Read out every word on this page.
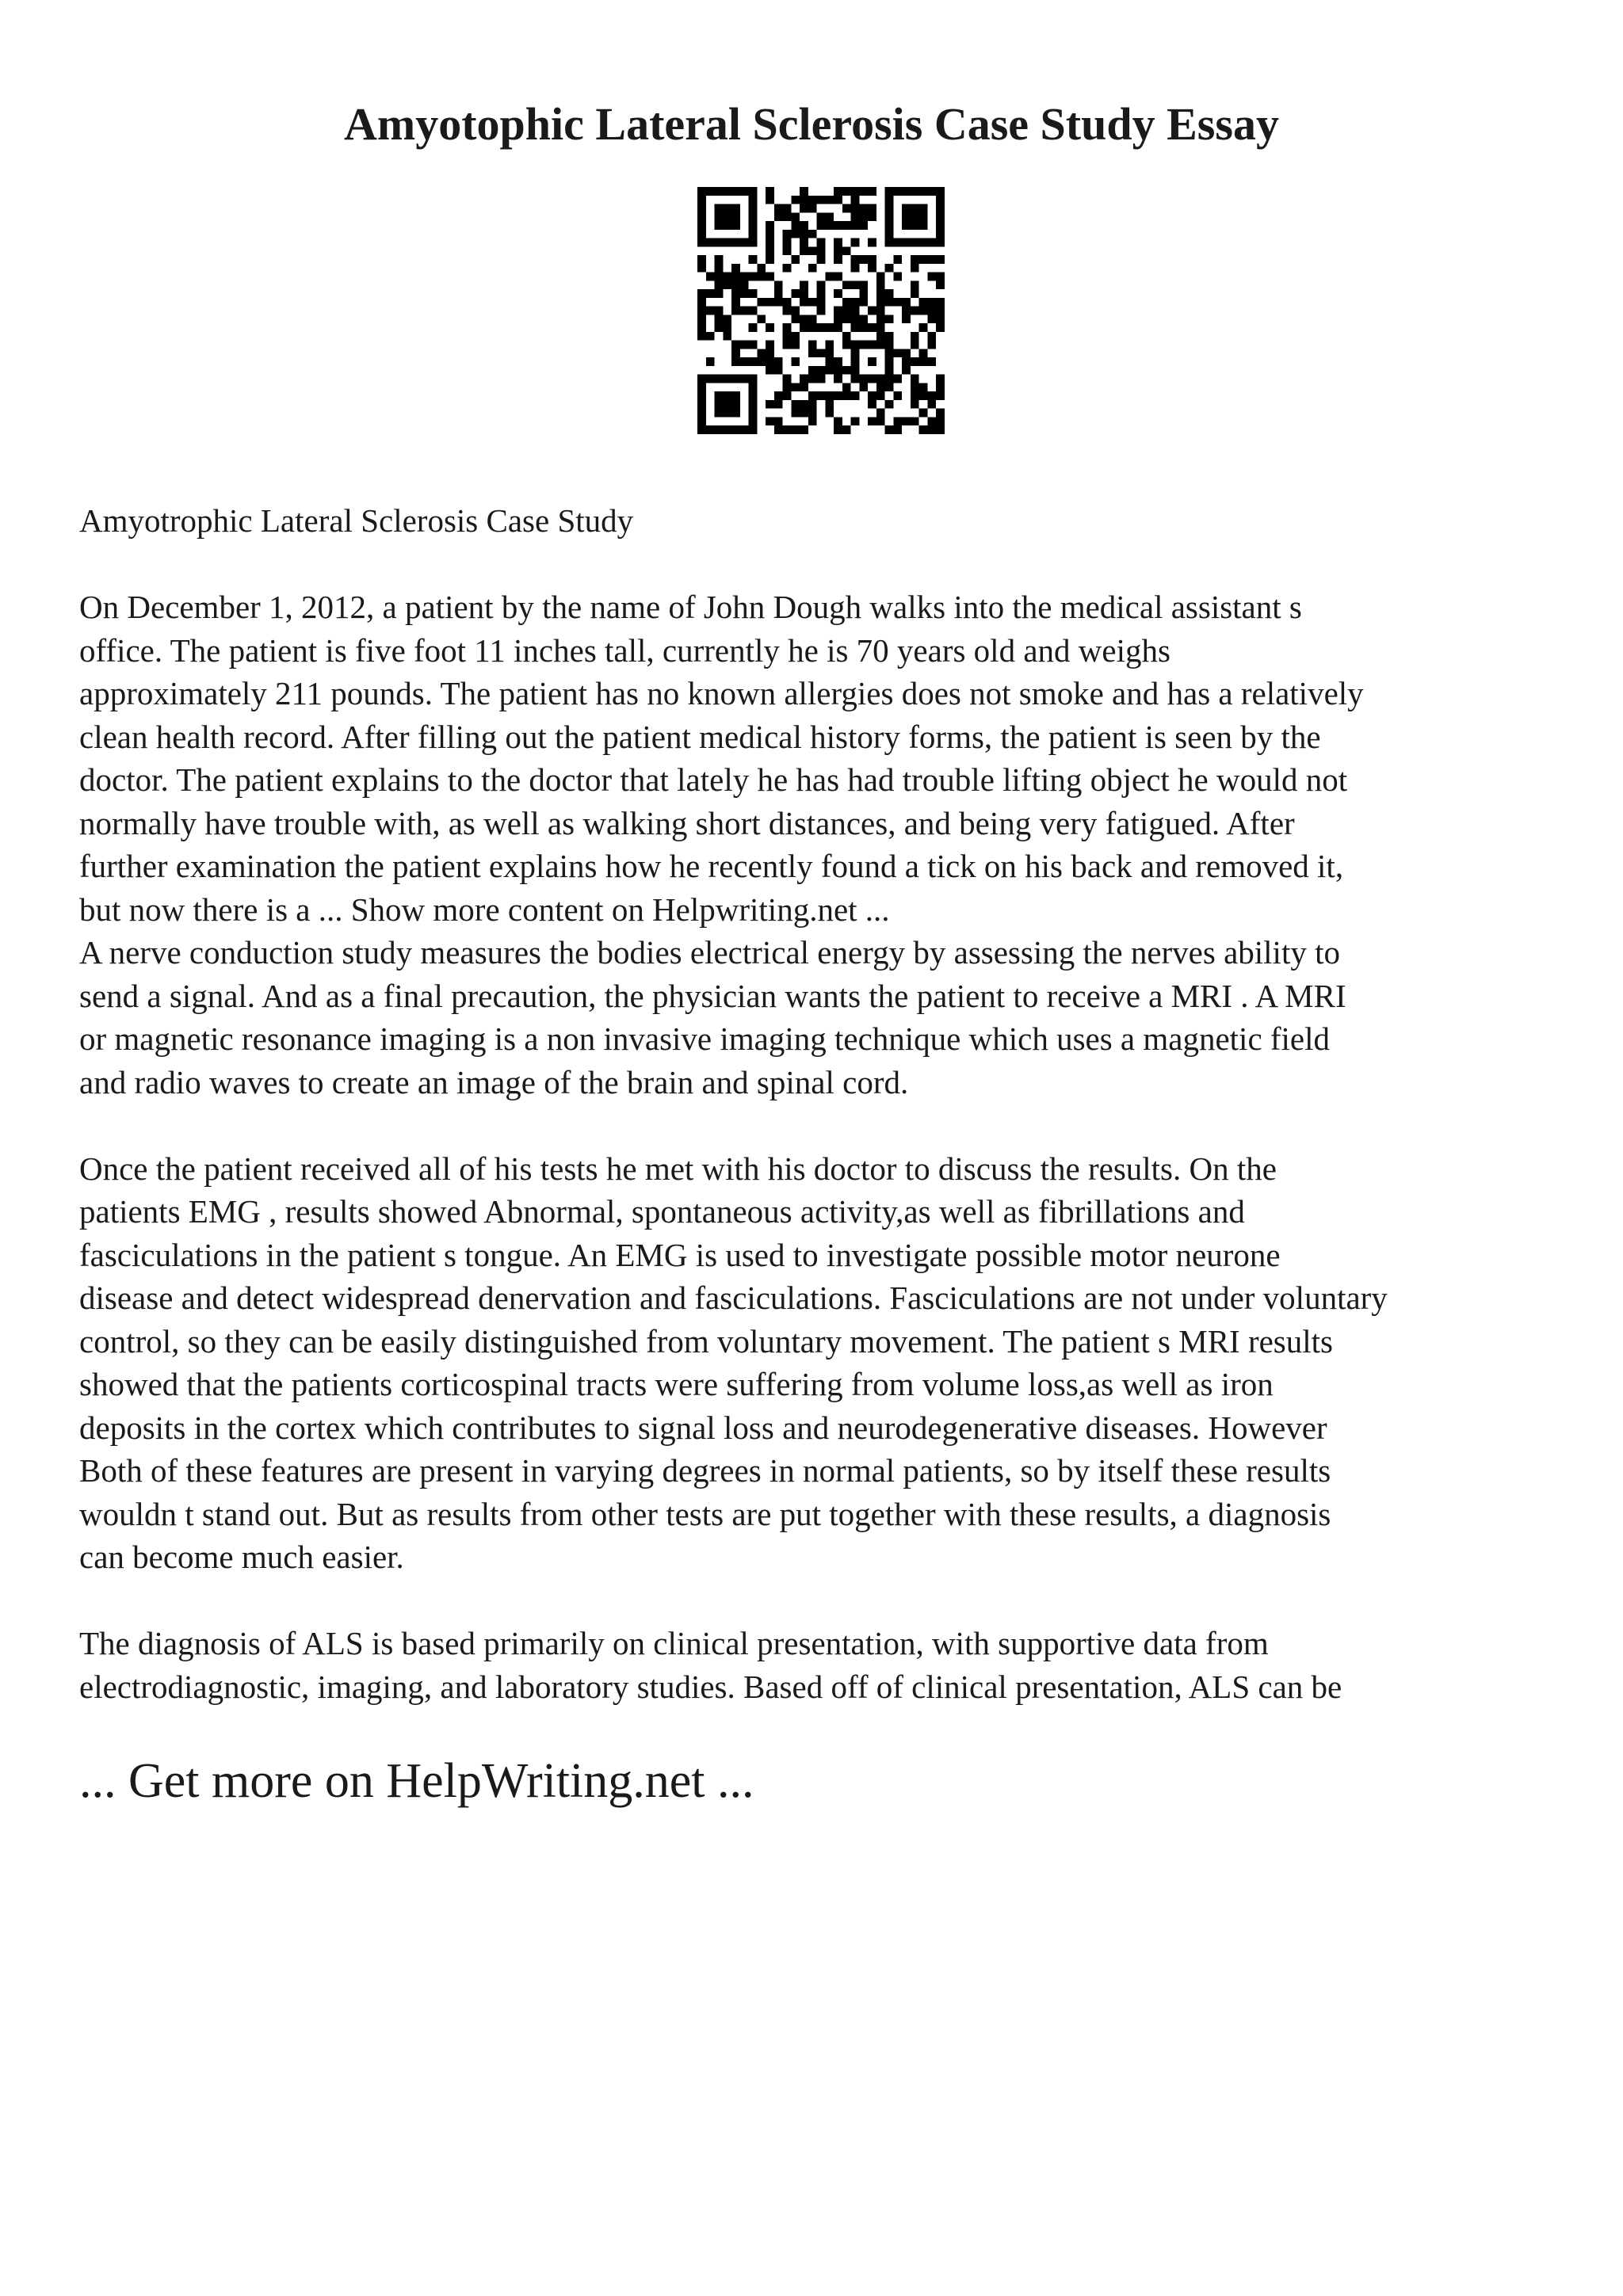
Amyotophic Lateral Sclerosis Case Study Essay

Amyotrophic Lateral Sclerosis Case Study

On December 1, 2012, a patient by the name of John Dough walks into the medical assistant s
office. The patient is five foot 11 inches tall, currently he is 70 years old and weighs
approximately 211 pounds. The patient has no known allergies does not smoke and has a relatively
clean health record. After filling out the patient medical history forms, the patient is seen by the
doctor. The patient explains to the doctor that lately he has had trouble lifting object he would not
normally have trouble with, as well as walking short distances, and being very fatigued. After
further examination the patient explains how he recently found a tick on his back and removed it,
but now there is a ... Show more content on Helpwriting.net ...

A nerve conduction study measures the bodies electrical energy by assessing the nerves ability to
send a signal. And as a final precaution, the physician wants the patient to receive a MRI . A MRI
or magnetic resonance imaging is a non invasive imaging technique which uses a magnetic field
and radio waves to create an image of the brain and spinal cord.

Once the patient received all of his tests he met with his doctor to discuss the results. On the
patients EMG , results showed Abnormal, spontaneous activity,as well as fibrillations and
fasciculations in the patient s tongue. An EMG is used to investigate possible motor neurone
disease and detect widespread denervation and fasciculations. Fasciculations are not under voluntary
control, so they can be easily distinguished from voluntary movement. The patient s MRI results
showed that the patients corticospinal tracts were suffering from volume loss,as well as iron
deposits in the cortex which contributes to signal loss and neurodegenerative diseases. However
Both of these features are present in varying degrees in normal patients, so by itself these results
wouldn t stand out. But as results from other tests are put together with these results, a diagnosis
can become much easier.

The diagnosis of ALS is based primarily on clinical presentation, with supportive data from
electrodiagnostic, imaging, and laboratory studies. Based off of clinical presentation, ALS can be

... Get more on HelpWriting.net ...
